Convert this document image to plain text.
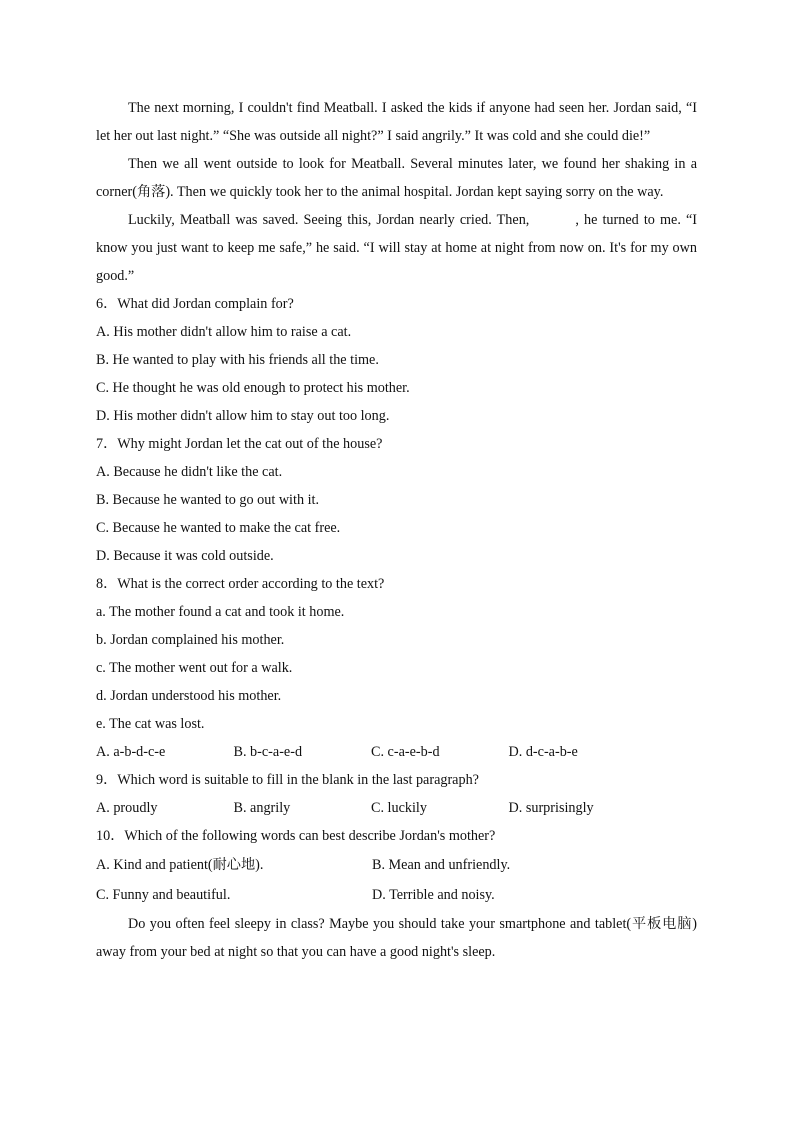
The next morning, I couldn't find Meatball. I asked the kids if anyone had seen her. Jordan said, “I let her out last night.” “She was outside all night?” I said angrily.” It was cold and she could die!”

Then we all went outside to look for Meatball. Several minutes later, we found her shaking in a corner(角落). Then we quickly took her to the animal hospital. Jordan kept saying sorry on the way.

Luckily, Meatball was saved. Seeing this, Jordan nearly cried. Then,	, he turned to me. “I know you just want to keep me safe,” he said. “I will stay at home at night from now on. It's for my own good.”

6．What did Jordan complain for?

A. His mother didn't allow him to raise a cat.

B. He wanted to play with his friends all the time.

C. He thought he was old enough to protect his mother.

D. His mother didn't allow him to stay out too long.

7．Why might Jordan let the cat out of the house?

A. Because he didn't like the cat.

B. Because he wanted to go out with it.

C. Because he wanted to make the cat free.

D. Because it was cold outside.

8．What is the correct order according to the text?

a. The mother found a cat and took it home.

b. Jordan complained his mother.

c. The mother went out for a walk.

d. Jordan understood his mother.

e. The cat was lost.

A. a-b-d-c-e	B. b-c-a-e-d	C. c-a-e-b-d	D. d-c-a-b-e

9．Which word is suitable to fill in the blank in the last paragraph?

A. proudly	B. angrily	C. luckily	D. surprisingly

10．Which of the following words can best describe Jordan's mother?

A. Kind and patient(耐心地).	B. Mean and unfriendly.
C. Funny and beautiful.	D. Terrible and noisy.

Do you often feel sleepy in class? Maybe you should take your smartphone and tablet(平板电脑) away from your bed at night so that you can have a good night's sleep.
